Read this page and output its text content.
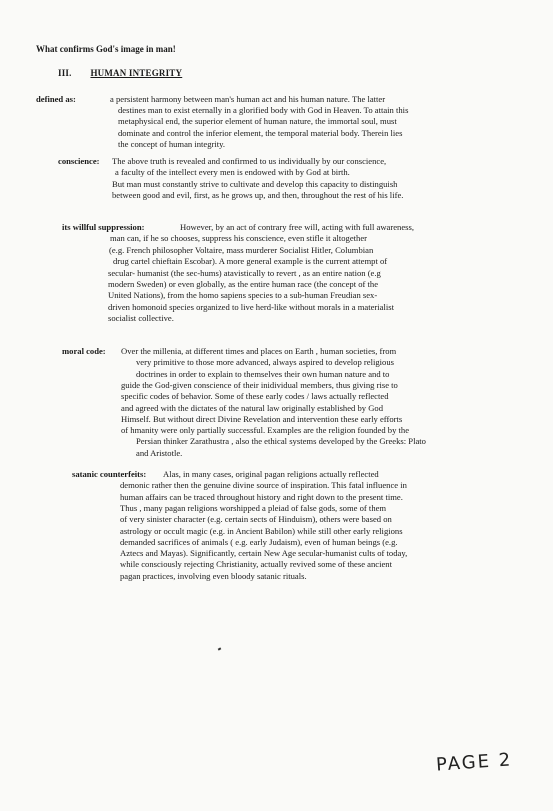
What confirms God's image in man!
III. HUMAN INTEGRITY
defined as:	a persistent harmony between man's human act and his human nature. The latter
destines man to exist eternally in a glorified body with God in Heaven. To attain this
metaphysical end, the superior element of human nature, the immortal soul, must
dominate and control the inferior element, the temporal material body. Therein lies
the concept of human integrity.
conscience: The above truth is revealed and confirmed to us individually by our conscience,
a faculty of the intellect every men is endowed with by God at birth.
But man must constantly strive to cultivate and develop this capacity to distinguish
between good and evil, first, as he grows up, and then, throughout the rest of his life.
its willful suppression:	However, by an act of contrary free will, acting with full awareness,
man can, if he so chooses, suppress his conscience, even stifle it altogether
(e.g. French philosopher Voltaire, mass murderer Socialist Hitler, Columbian
drug cartel chieftain Escobar). A more general example is the current attempt of
secular- humanist (the sec-hums) atavistically to revert , as an entire nation (e.g
modern Sweden) or even globally, as the entire human race (the concept of the
United Nations), from the homo sapiens species to a sub-human Freudian sex-
driven homonoid species organized to live herd-like without morals in a materialist
socialist collective.
moral code: Over the millenia, at different times and places on Earth , human societies, from
very primitive to those more advanced, always aspired to develop religious
doctrines in order to explain to themselves their own human nature and to
guide the God-given conscience of their inidividual members, thus giving rise to
specific codes of behavior. Some of these early codes / laws actually reflected
and agreed with the dictates of the natural law originally established by God
Himself. But without direct Divine Revelation and intervention these early efforts
of hmanity were only partially successful. Examples are the religion founded by the
Persian thinker Zarathustra , also the ethical systems developed by the Greeks: Plato
and Aristotle.
satanic counterfeits: Alas, in many cases, original pagan religions actually reflected
demonic rather then the genuine divine source of inspiration. This fatal influence in
human affairs can be traced throughout history and right down to the present time.
Thus , many pagan religions worshipped a pleiad of false gods, some of them
of very sinister character (e.g. certain sects of Hinduism), others were based on
astrology or occult magic (e.g. in Ancient Babilon) while still other early religions
demanded sacrifices of animals ( e.g. early Judaism), even of human beings (e.g.
Aztecs and Mayas). Significantly, certain New Age secular-humanist cults of today,
while consciously rejecting Christianity, actually revived some of these ancient
pagan practices, involving even bloody satanic rituals.
PAGE 2
